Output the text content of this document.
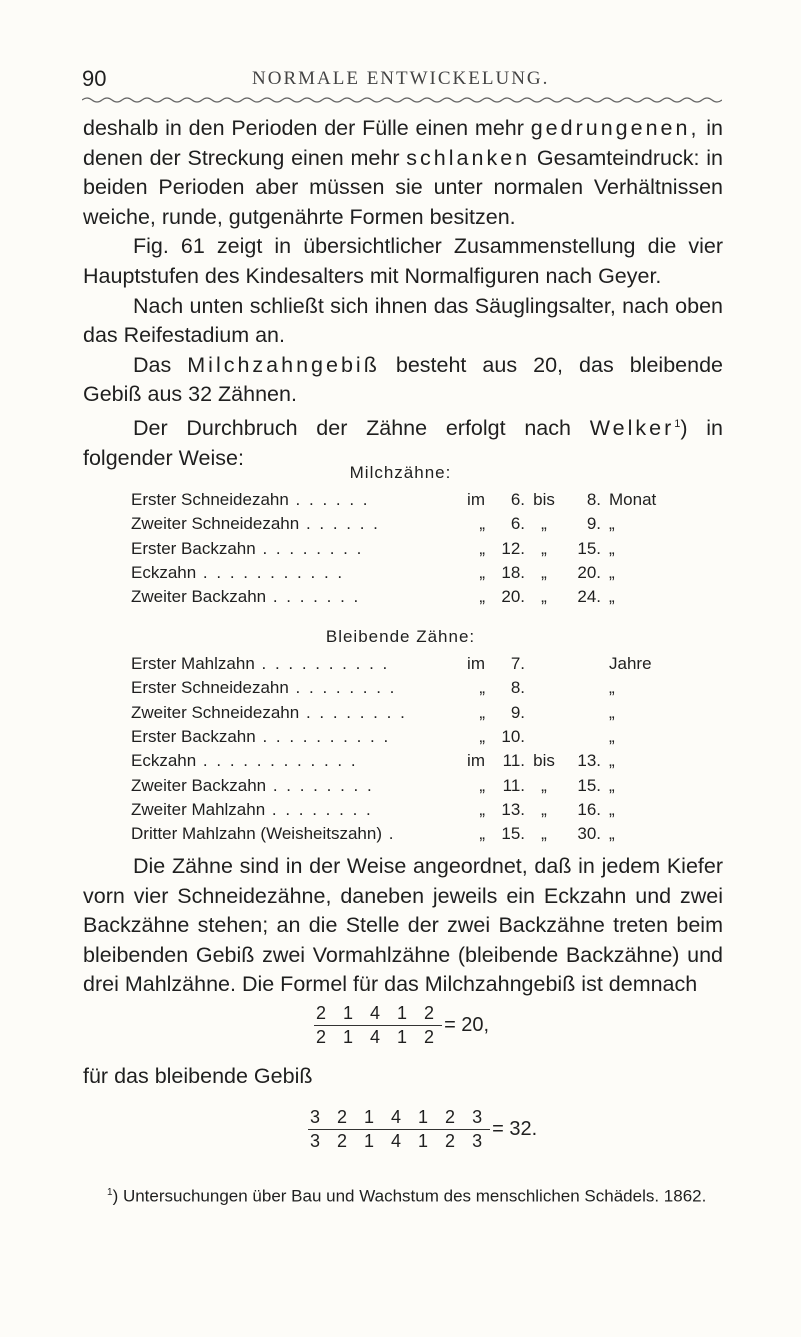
90	NORMALE ENTWICKELUNG.

deshalb in den Perioden der Fülle einen mehr gedrungenen, in denen der Streckung einen mehr schlanken Gesamteindruck: in beiden Perioden aber müssen sie unter normalen Verhältnissen weiche, runde, gutgenährte Formen besitzen.

Fig. 61 zeigt in übersichtlicher Zusammenstellung die vier Hauptstufen des Kindesalters mit Normalfiguren nach Geyer.

Nach unten schließt sich ihnen das Säuglingsalter, nach oben das Reifestadium an.

Das Milchzahngebiß besteht aus 20, das bleibende Gebiß aus 32 Zähnen.

Der Durchbruch der Zähne erfolgt nach Welker$^1$) in folgender Weise:

Milchzähne:
Erster Schneidezahn . . . . . .	im	6.	bis	8.	Monat
Zweiter Schneidezahn . . . . . .	„	6.	„	9.	„
Erster Backzahn . . . . . . . .	„	12.	„	15.	„
Eckzahn . . . . . . . . . . .	„	18.	„	20.	„
Zweiter Backzahn . . . . . . .	„	20.	„	24.	„
Bleibende Zähne:
Erster Mahlzahn . . . . . . . . . .	im	7.			Jahre
Erster Schneidezahn . . . . . . . .	„	8.			„
Zweiter Schneidezahn . . . . . . . .	„	9.			„
Erster Backzahn . . . . . . . . . .	„	10.			„
Eckzahn . . . . . . . . . . . .	im	11.	bis	13.	„
Zweiter Backzahn . . . . . . . .	„	11.	„	15.	„
Zweiter Mahlzahn . . . . . . . .	„	13.	„	16.	„
Dritter Mahlzahn (Weisheitszahn) .	„	15.	„	30.	„

Die Zähne sind in der Weise angeordnet, daß in jedem Kiefer vorn vier Schneidezähne, daneben jeweils ein Eckzahn und zwei Backzähne stehen; an die Stelle der zwei Backzähne treten beim bleibenden Gebiß zwei Vormahlzähne (bleibende Backzähne) und drei Mahlzähne. Die Formel für das Milchzahngebiß ist demnach

$\frac{2 1 4 1 2}{2 1 4 1 2} = 20$,

für das bleibende Gebiß

$\frac{3 2 1 4 1 2 3}{3 2 1 4 1 2 3} = 32$.
$^1$) Untersuchungen über Bau und Wachstum des menschlichen Schädels. 1862.
